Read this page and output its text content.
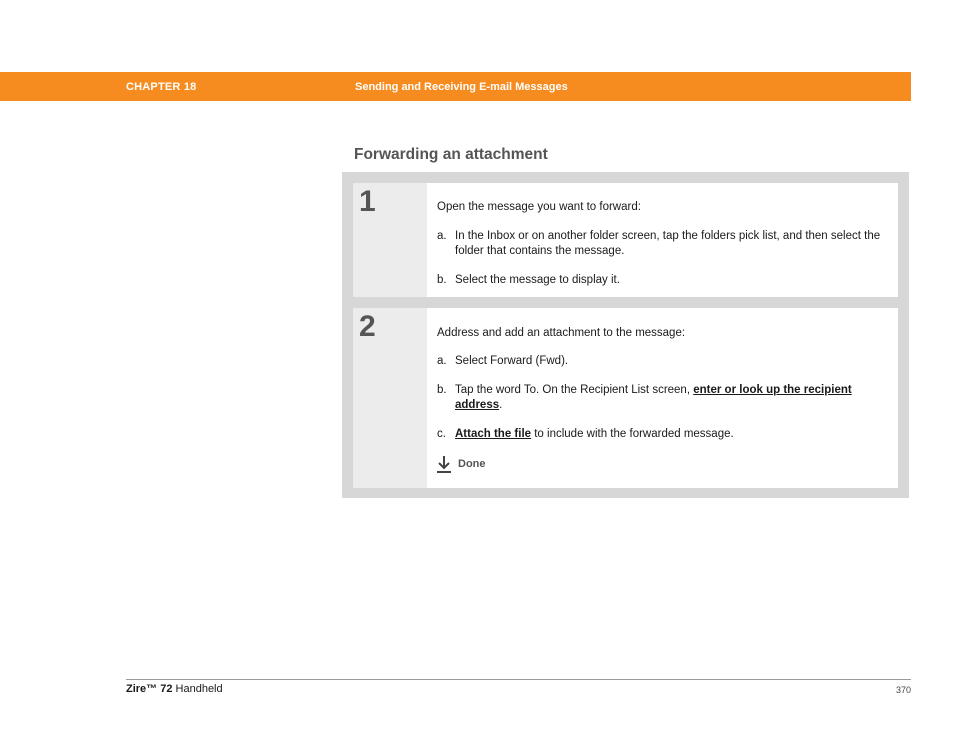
CHAPTER 18	Sending and Receiving E-mail Messages
Forwarding an attachment
1	Open the message you want to forward:
a. In the Inbox or on another folder screen, tap the folders pick list, and then select the folder that contains the message.
b. Select the message to display it.
2	Address and add an attachment to the message:
a. Select Forward (Fwd).
b. Tap the word To. On the Recipient List screen, enter or look up the recipient address.
c. Attach the file to include with the forwarded message.
Done
Zire™ 72 Handheld	370
